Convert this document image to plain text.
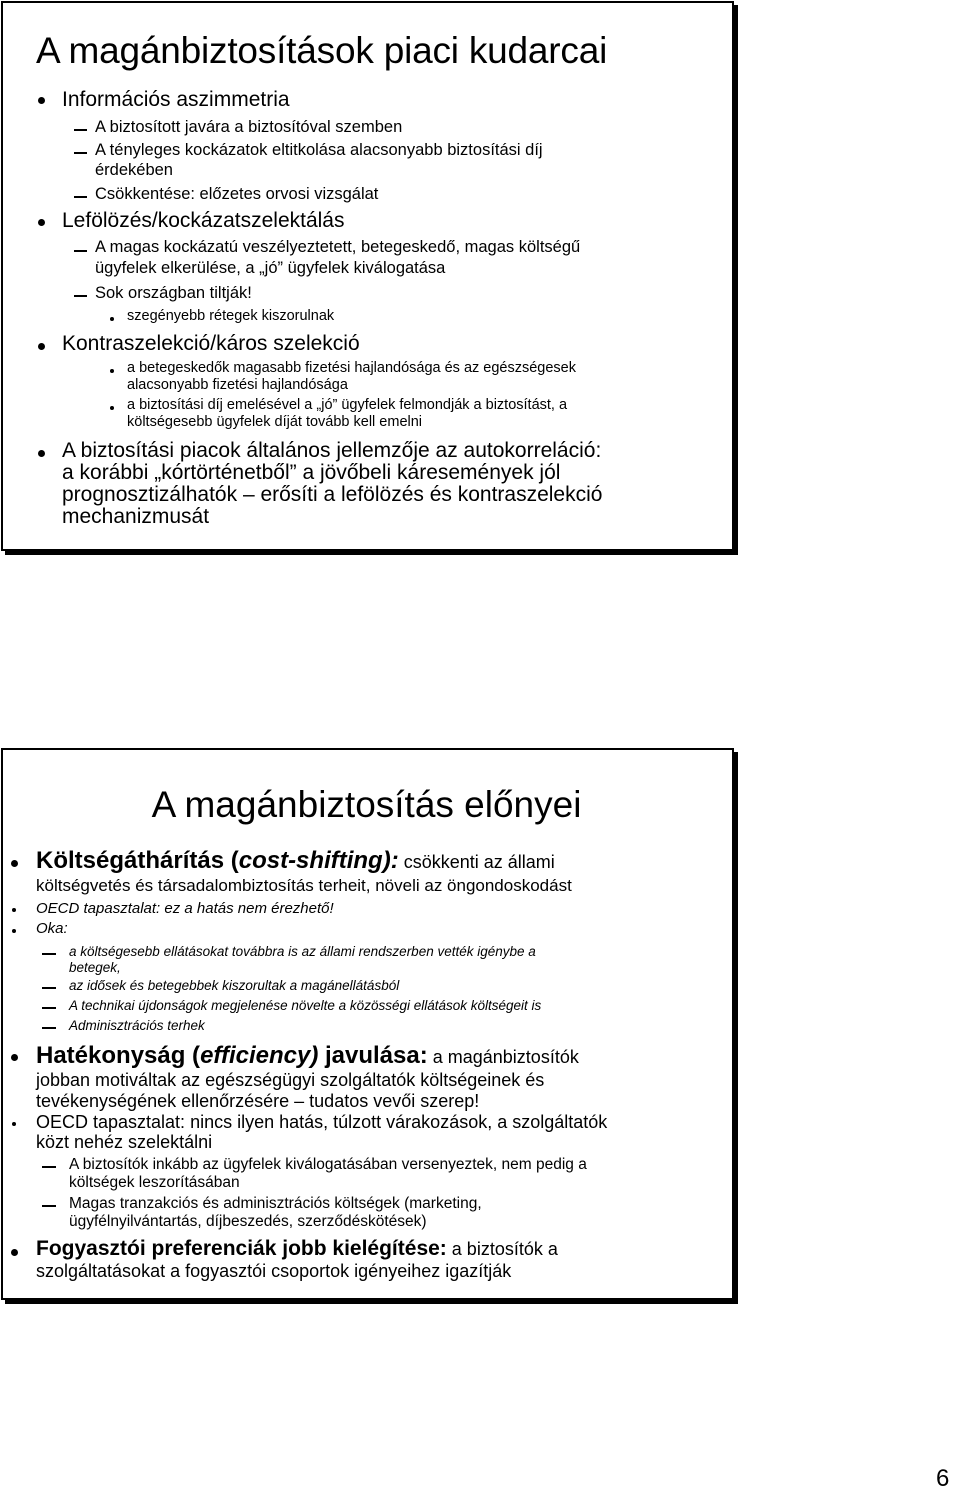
A magánbiztosítások piaci kudarcai
Információs aszimmetria
A biztosított javára a biztosítóval szemben
A tényleges kockázatok eltitkolása alacsonyabb biztosítási díj
érdekében
Csökkentése: előzetes orvosi vizsgálat
Lefölözés/kockázatszelektálás
A magas kockázatú veszélyeztetett, betegeskedő, magas költségű
ügyfelek elkerülése, a „jó” ügyfelek kiválogatása
Sok országban tiltják!
szegényebb rétegek kiszorulnak
Kontraszelekció/káros szelekció
a betegeskedők magasabb fizetési hajlandósága és az egészségesek
alacsonyabb fizetési hajlandósága
a biztosítási díj emelésével a „jó” ügyfelek felmondják a biztosítást, a
költségesebb ügyfelek díját tovább kell emelni
A biztosítási piacok általános jellemzője az autokorreláció:
a korábbi „kórtörténetből” a jövőbeli káresemények jól
prognosztizálhatók – erősíti a lefölözés és kontraszelekció
mechanizmusát
A magánbiztosítás előnyei
Költségáthárítás (cost-shifting): csökkenti az állami
költségvetés és társadalombiztosítás terheit, növeli az öngondoskodást
OECD tapasztalat: ez a hatás nem érezhető!
Oka:
a költségesebb ellátásokat továbbra is az állami rendszerben vették igénybe a
betegek,
az idősek és betegebbek kiszorultak a magánellátásból
A technikai újdonságok megjelenése növelte a közösségi ellátások költségeit is
Adminisztrációs terhek
Hatékonyság (efficiency) javulása: a magánbiztosítók
jobban motiváltak az egészségügyi szolgáltatók költségeinek és
tevékenységének ellenőrzésére – tudatos vevői szerep!
OECD tapasztalat: nincs ilyen hatás, túlzott várakozások, a szolgáltatók
közt nehéz szelektálni
A biztosítók inkább az ügyfelek kiválogatásában versenyeztek, nem pedig a
költségek leszorításában
Magas tranzakciós és adminisztrációs költségek (marketing,
ügyfélnyilvántartás, díjbeszedés, szerződéskötések)
Fogyasztói preferenciák jobb kielégítése: a biztosítók a
szolgáltatásokat a fogyasztói csoportok igényeihez igazítják
6
